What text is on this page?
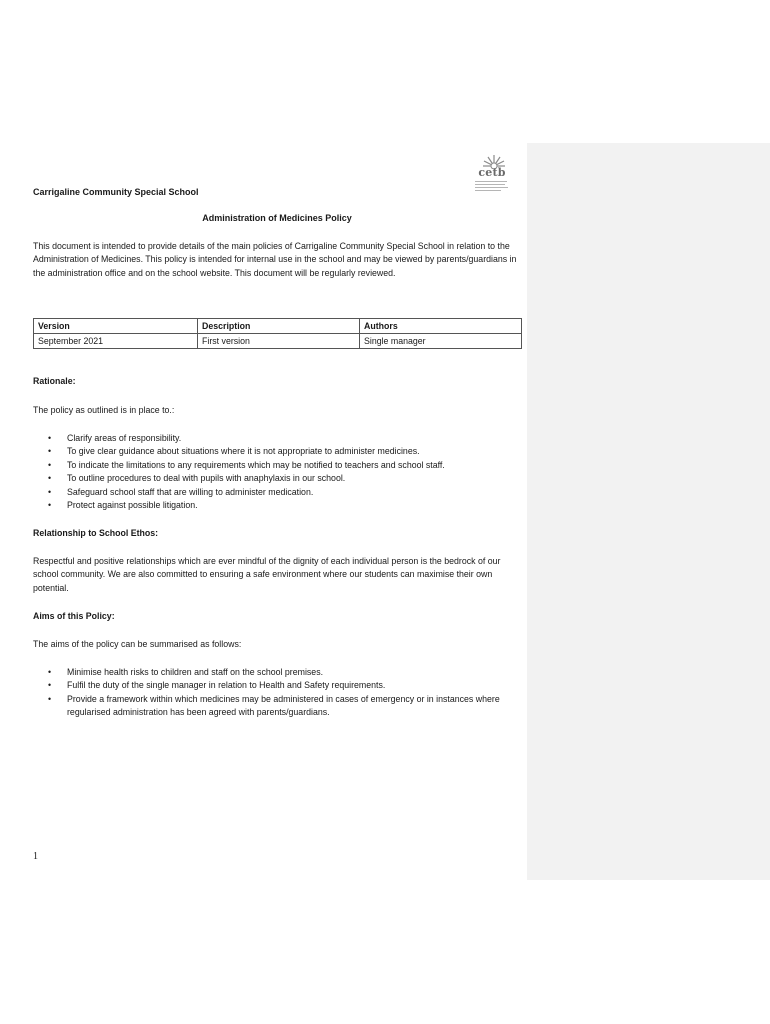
cetb
Carrigaline Community Special School
Administration of Medicines Policy
This document is intended to provide details of the main policies of Carrigaline Community Special School in relation to the Administration of Medicines. This policy is intended for internal use in the school and may be viewed by parents/guardians in the administration office and on the school website. This document will be regularly reviewed.
Version	Description	Authors
September 2021	First version	Single manager
Rationale:
The policy as outlined is in place to.:
• Clarify areas of responsibility.
• To give clear guidance about situations where it is not appropriate to administer medicines.
• To indicate the limitations to any requirements which may be notified to teachers and school staff.
• To outline procedures to deal with pupils with anaphylaxis in our school.
• Safeguard school staff that are willing to administer medication.
• Protect against possible litigation.
Relationship to School Ethos:
Respectful and positive relationships which are ever mindful of the dignity of each individual person is the bedrock of our school community. We are also committed to ensuring a safe environment where our students can maximise their own potential.
Aims of this Policy:
The aims of the policy can be summarised as follows:
• Minimise health risks to children and staff on the school premises.
• Fulfil the duty of the single manager in relation to Health and Safety requirements.
• Provide a framework within which medicines may be administered in cases of emergency or in instances where regularised administration has been agreed with parents/guardians.
1
